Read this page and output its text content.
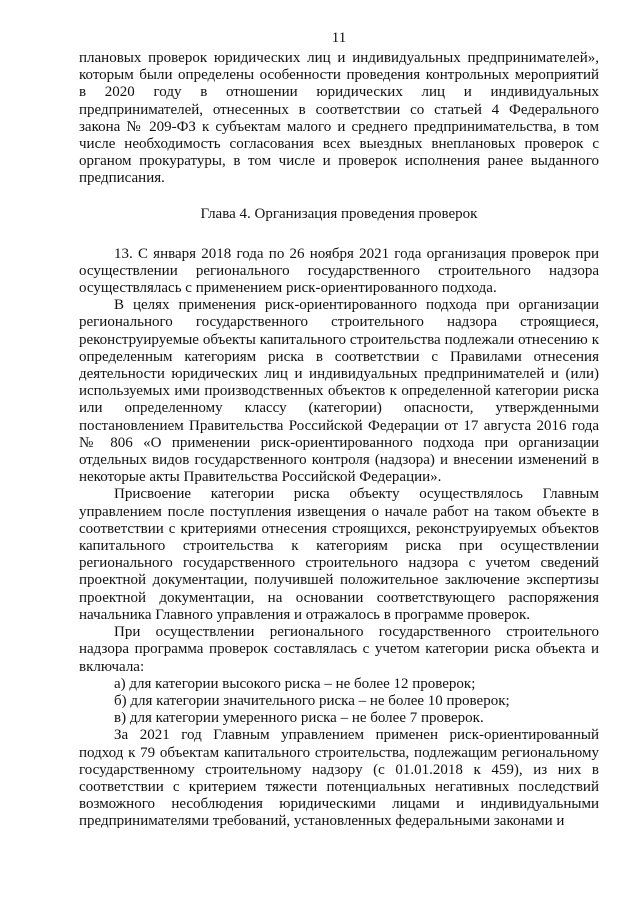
11

плановых проверок юридических лиц и индивидуальных предпринимателей», которым были определены особенности проведения контрольных мероприятий в 2020 году в отношении юридических лиц и индивидуальных предпринимателей, отнесенных в соответствии со статьей 4 Федерального закона № 209-ФЗ к субъектам малого и среднего предпринимательства, в том числе необходимость согласования всех выездных внеплановых проверок с органом прокуратуры, в том числе и проверок исполнения ранее выданного предписания.

Глава 4. Организация проведения проверок

13. С января 2018 года по 26 ноября 2021 года организация проверок при осуществлении регионального государственного строительного надзора осуществлялась с применением риск-ориентированного подхода.

В целях применения риск-ориентированного подхода при организации регионального государственного строительного надзора строящиеся, реконструируемые объекты капитального строительства подлежали отнесению к определенным категориям риска в соответствии с Правилами отнесения деятельности юридических лиц и индивидуальных предпринимателей и (или) используемых ими производственных объектов к определенной категории риска или определенному классу (категории) опасности, утвержденными постановлением Правительства Российской Федерации от 17 августа 2016 года № 806 «О применении риск-ориентированного подхода при организации отдельных видов государственного контроля (надзора) и внесении изменений в некоторые акты Правительства Российской Федерации».

Присвоение категории риска объекту осуществлялось Главным управлением после поступления извещения о начале работ на таком объекте в соответствии с критериями отнесения строящихся, реконструируемых объектов капитального строительства к категориям риска при осуществлении регионального государственного строительного надзора с учетом сведений проектной документации, получившей положительное заключение экспертизы проектной документации, на основании соответствующего распоряжения начальника Главного управления и отражалось в программе проверок.

При осуществлении регионального государственного строительного надзора программа проверок составлялась с учетом категории риска объекта и включала:

а) для категории высокого риска – не более 12 проверок;

б) для категории значительного риска – не более 10 проверок;

в) для категории умеренного риска – не более 7 проверок.

За 2021 год Главным управлением применен риск-ориентированный подход к 79 объектам капитального строительства, подлежащим региональному государственному строительному надзору (с 01.01.2018 к 459), из них в соответствии с критерием тяжести потенциальных негативных последствий возможного несоблюдения юридическими лицами и индивидуальными предпринимателями требований, установленных федеральными законами и
